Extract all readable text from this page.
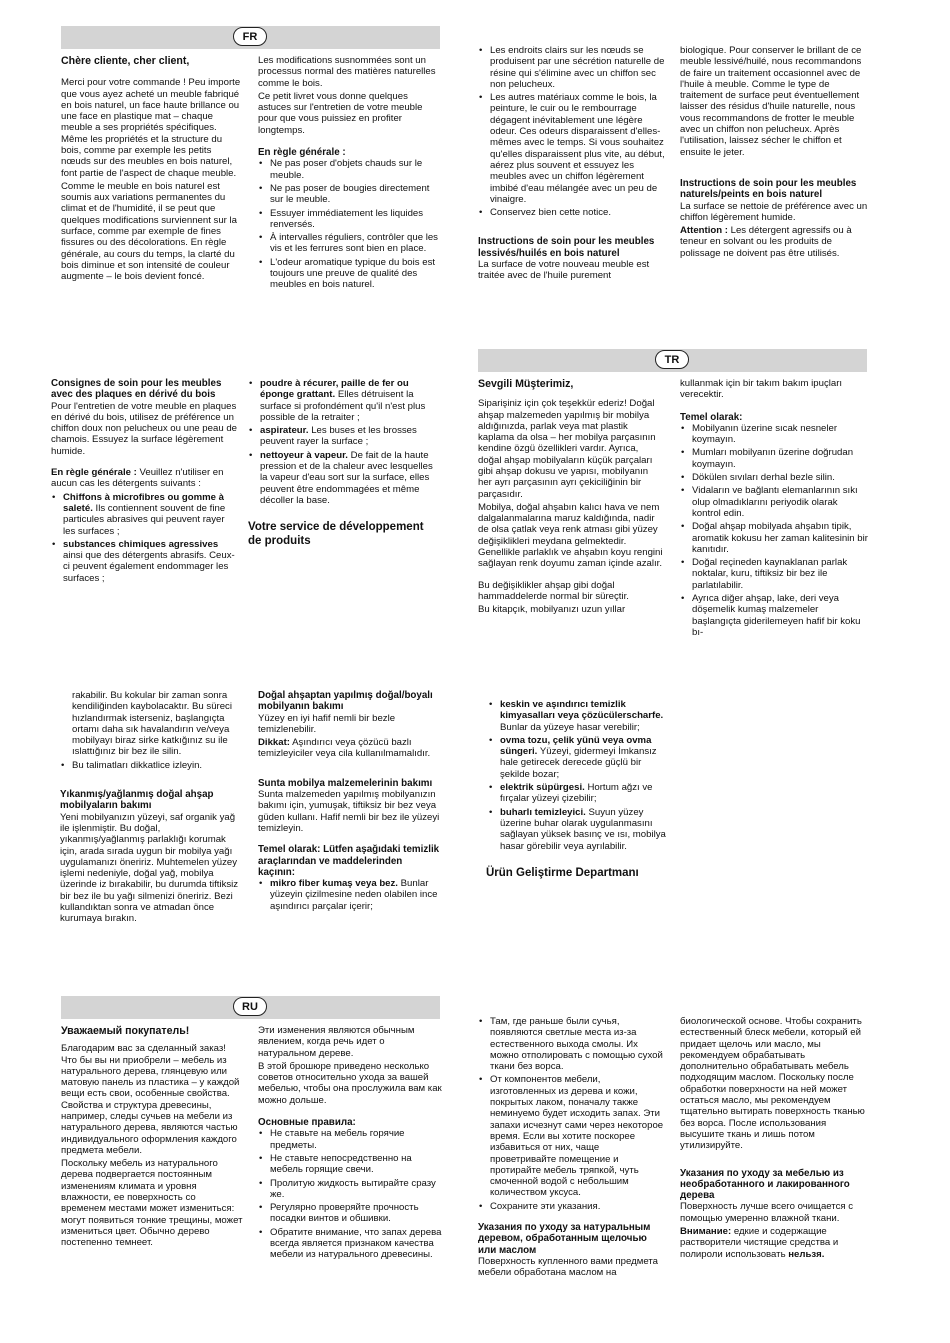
FR
Chère cliente, cher client,

Merci pour votre commande ! Peu importe que vous ayez acheté un meuble fabriqué en bois naturel, un face haute brillance ou une face en plastique mat – chaque meuble a ses propriétés spécifiques. Même les propriétés et la structure du bois, comme par exemple les petits nœuds sur des meubles en bois naturel, font partie de l'aspect de chaque meuble.

Comme le meuble en bois naturel est soumis aux variations permanentes du climat et de l'humidité, il se peut que quelques modifications surviennent sur la surface, comme par exemple de fines fissures ou des décolorations. En règle générale, au cours du temps, la clarté du bois diminue et son intensité de couleur augmente – le bois devient foncé.

Les modifications susnommées sont un processus normal des matières naturelles comme le bois.

Ce petit livret vous donne quelques astuces sur l'entretien de votre meuble pour que vous puissiez en profiter longtemps.

En règle générale :
• Ne pas poser d'objets chauds sur le meuble.
• Ne pas poser de bougies directement sur le meuble.
• Essuyer immédiatement les liquides renversés.
• À intervalles réguliers, contrôler que les vis et les ferrures sont bien en place.
• L'odeur aromatique typique du bois est toujours une preuve de qualité des meubles en bois naturel.
• Les endroits clairs sur les nœuds se produisent par une sécrétion naturelle de résine qui s'élimine avec un chiffon sec non pelucheux.
• Les autres matériaux comme le bois, la peinture, le cuir ou le rembourrage dégagent inévitablement une légère odeur. Ces odeurs disparaissent d'elles-mêmes avec le temps. Si vous souhaitez qu'elles disparaissent plus vite, au début, aérez plus souvent et essuyez les meubles avec un chiffon légèrement imbibé d'eau mélangée avec un peu de vinaigre.
• Conservez bien cette notice.
Instructions de soin pour les meubles lessivés/huilés en bois naturel

La surface de votre nouveau meuble est traitée avec de l'huile purement

biologique. Pour conserver le brillant de ce meuble lessivé/huilé, nous recommandons de faire un traitement occasionnel avec de l'huile à meuble. Comme le type de traitement de surface peut éventuellement laisser des résidus d'huile naturelle, nous vous recommandons de frotter le meuble avec un chiffon non pelucheux. Après l'utilisation, laissez sécher le chiffon et ensuite le jeter.

Instructions de soin pour les meubles naturels/peints en bois naturel

La surface se nettoie de préférence avec un chiffon légèrement humide.

Attention : Les détergent agressifs ou à teneur en solvant ou les produits de polissage ne doivent pas être utilisés.

Consignes de soin pour les meubles avec des plaques en dérivé du bois

Pour l'entretien de votre meuble en plaques en dérivé du bois, utilisez de préférence un chiffon doux non pelucheux ou une peau de chamois. Essuyez la surface légèrement humide.

En règle générale : Veuillez n'utiliser en aucun cas les détergents suivants :

• Chiffons à microfibres ou gomme à saleté. Ils contiennent souvent de fine particules abrasives qui peuvent rayer les surfaces ;
• substances chimiques agressives ainsi que des détergents abrasifs. Ceux-ci peuvent également endommager les surfaces ;
• poudre à récurer, paille de fer ou éponge grattant. Elles détruisent la surface si profondément qu'il n'est plus possible de la retraiter ;
• aspirateur. Les buses et les brosses peuvent rayer la surface ;
• nettoyeur à vapeur. De fait de la haute pression et de la chaleur avec lesquelles la vapeur d'eau sort sur la surface, elles peuvent être endommagées et même décoller la base.
Votre service de développement de produits
TR
Sevgili Müşterimiz,

Siparişiniz için çok teşekkür ederiz! Doğal ahşap malzemeden yapılmış bir mobilya aldığınızda, parlak veya mat plastik kaplama da olsa – her mobilya parçasının kendine özgü özellikleri vardır. Ayrıca, doğal ahşap mobilyaların küçük parçaları gibi ahşap dokusu ve yapısı, mobilyanın her ayrı parçasının ayrı çekiciliğinin bir parçasıdır.

Mobilya, doğal ahşabın kalıcı hava ve nem dalgalanmalarına maruz kaldığında, nadir de olsa çatlak veya renk atması gibi yüzey değişiklikleri meydana gelmektedir. Genellikle parlaklık ve ahşabın koyu rengini sağlayan renk doyumu zaman içinde azalır.

Bu değişiklikler ahşap gibi doğal hammaddelerde normal bir süreçtir.

Bu kitapçık, mobilyanızı uzun yıllar

kullanmak için bir takım bakım ipuçları verecektir.

Temel olarak:
• Mobilyanın üzerine sıcak nesneler koymayın.
• Mumları mobilyanın üzerine doğrudan koymayın.
• Dökülen sıvıları derhal bezle silin.
• Vidaların ve bağlantı elemanlarının sıkı olup olmadıklarını periyodik olarak kontrol edin.
• Doğal ahşap mobilyada ahşabın tipik, aromatik kokusu her zaman kalitesinin bir kanıtıdır.
• Doğal reçineden kaynaklanan parlak noktalar, kuru, tiftiksiz bir bez ile parlatılabilir.
• Ayrıca diğer ahşap, lake, deri veya döşemelik kumaş malzemeler başlangıçta giderilemeyen hafif bir koku bı-

rakabilir. Bu kokular bir zaman sonra kendiliğinden kaybolacaktır. Bu süreci hızlandırmak isterseniz, başlangıçta ortamı daha sık havalandırın ve/veya mobilyayı biraz sirke katkığınız su ile ıslattığınız bir bez ile silin.

• Bu talimatları dikkatlice izleyin.
Yıkanmış/yağlanmış doğal ahşap mobilyaların bakımı

Yeni mobilyanızın yüzeyi, saf organik yağ ile işlenmiştir. Bu doğal, yıkanmış/yağlanmış parlaklığı korumak için, arada sırada uygun bir mobilya yağı uygulamanızı öneririz. Muhtemelen yüzey işlemi nedeniyle, doğal yağ, mobilya üzerinde iz bırakabilir, bu durumda tiftiksiz bir bez ile bu yağı silmenizi öneririz. Bezi kullandıktan sonra ve atmadan önce kurumaya bırakın.

Doğal ahşaptan yapılmış doğal/boyalı mobilyanın bakımı

Yüzey en iyi hafif nemli bir bezle temizlenebilir.

Dikkat: Aşındırıcı veya çözücü bazlı temizleyiciler veya cila kullanılmamalıdır.

Sunta mobilya malzemelerinin bakımı

Sunta malzemeden yapılmış mobilyanızın bakımı için, yumuşak, tiftiksiz bir bez veya güden kullanı. Hafif nemli bir bez ile yüzeyi temizleyin.

Temel olarak: Lütfen aşağıdaki temizlik araçlarından ve maddelerinden kaçının:
• mikro fiber kumaş veya bez. Bunlar yüzeyin çizilmesine neden olabilen ince aşındırıcı parçalar içerir;
• keskin ve aşındırıcı temizlik kimyasalları veya çözücülerscharfe. Bunlar da yüzeye hasar verebilir;
• ovma tozu, çelik yünü veya ovma süngeri. Yüzeyi, gidermeyi İmkansız hale getirecek derecede güçlü bir şekilde bozar;
• elektrik süpürgesi. Hortum ağzı ve fırçalar yüzeyi çizebilir;
• buharlı temizleyici. Suyun yüzey üzerine buhar olarak uygulanmasını sağlayan yüksek basınç ve ısı, mobilya hasar görebilir veya ayrılabilir.
Ürün Geliştirme Departmanı
RU
Уважаемый покупатель!

Благодарим вас за сделанный заказ! Что бы вы ни приобрели – мебель из натурального дерева, глянцевую или матовую панель из пластика – у каждой вещи есть свои, особенные свойства. Свойства и структура древесины, например, следы сучьев на мебели из натурального дерева, являются частью индивидуального оформления каждого предмета мебели.

Поскольку мебель из натурального дерева подвергается постоянным изменениям климата и уровня влажности, ее поверхность со временем местами может измениться: могут появиться тонкие трещины, может измениться цвет. Обычно дерево постепенно темнеет.

Эти изменения являются обычным явлением, когда речь идет о натуральном дереве.

В этой брошюре приведено несколько советов относительно ухода за вашей мебелью, чтобы она прослужила вам как можно дольше.

Основные правила:
• Не ставьте на мебель горячие предметы.
• Не ставьте непосредственно на мебель горящие свечи.
• Пролитую жидкость вытирайте сразу же.
• Регулярно проверяйте прочность посадки винтов и обшивки.
• Обратите внимание, что запах дерева всегда является признаком качества мебели из натурального древесины.
• Там, где раньше были сучья, появляются светлые места из-за естественного выхода смолы. Их можно отполировать с помощью сухой ткани без ворса.
• От компонентов мебели, изготовленных из дерева и кожи, покрытых лаком, поначалу также неминуемо будет исходить запах. Эти запахи исчезнут сами через некоторое время. Если вы хотите поскорее избавиться от них, чаще проветривайте помещение и протирайте мебель тряпкой, чуть смоченной водой с небольшим количеством уксуса.
• Сохраните эти указания.
Указания по уходу за натуральным деревом, обработанным щелочью или маслом

Поверхность купленного вами предмета мебели обработана маслом на

биологической основе. Чтобы сохранить естественный блеск мебели, который ей придает щелочь или масло, мы рекомендуем обрабатывать дополнительно обрабатывать мебель подходящим маслом. Поскольку после обработки поверхности на ней может остаться масло, мы рекомендуем тщательно вытирать поверхность тканью без ворса. После использования высушите ткань и лишь потом утилизируйте.

Указания по уходу за мебелью из необработанного и лакированного дерева

Поверхность лучше всего очищается с помощью умеренно влажной ткани.

Внимание: едкие и содержащие растворители чистящие средства и полироли использовать нельзя.
